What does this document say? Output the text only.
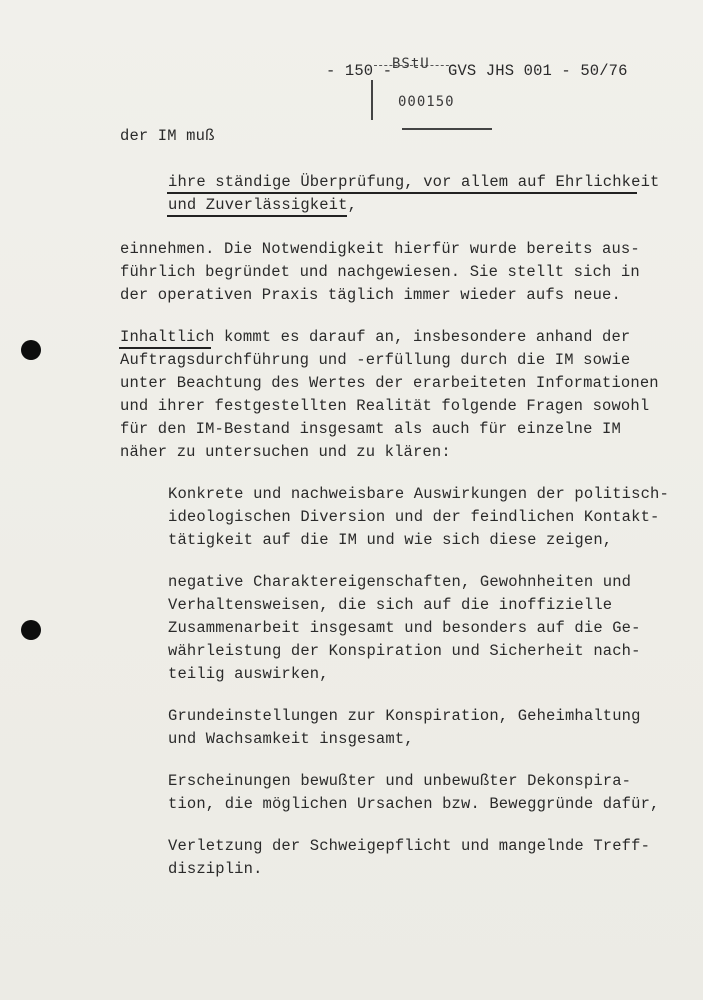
- 150 - BStU	GVS JHS 001 - 50/76
000150
der IM muß
ihre ständige Überprüfung, vor allem auf Ehrlichkeit
und Zuverlässigkeit,
einnehmen. Die Notwendigkeit hierfür wurde bereits aus-
führlich begründet und nachgewiesen. Sie stellt sich in
der operativen Praxis täglich immer wieder aufs neue.
Inhaltlich kommt es darauf an, insbesondere anhand der
Auftragsdurchführung und -erfüllung durch die IM sowie
unter Beachtung des Wertes der erarbeiteten Informationen
und ihrer festgestellten Realität folgende Fragen sowohl
für den IM-Bestand insgesamt als auch für einzelne IM
näher zu untersuchen und zu klären:
Konkrete und nachweisbare Auswirkungen der politisch-
ideologischen Diversion und der feindlichen Kontakt-
tätigkeit auf die IM und wie sich diese zeigen,
negative Charaktereigenschaften, Gewohnheiten und
Verhaltensweisen, die sich auf die inoffizielle
Zusammenarbeit insgesamt und besonders auf die Ge-
währleistung der Konspiration und Sicherheit nach-
teilig auswirken,
Grundeinstellungen zur Konspiration, Geheimhaltung
und Wachsamkeit insgesamt,
Erscheinungen bewußter und unbewußter Dekonspira-
tion, die möglichen Ursachen bzw. Beweggründe dafür,
Verletzung der Schweigepflicht und mangelnde Treff-
disziplin.
